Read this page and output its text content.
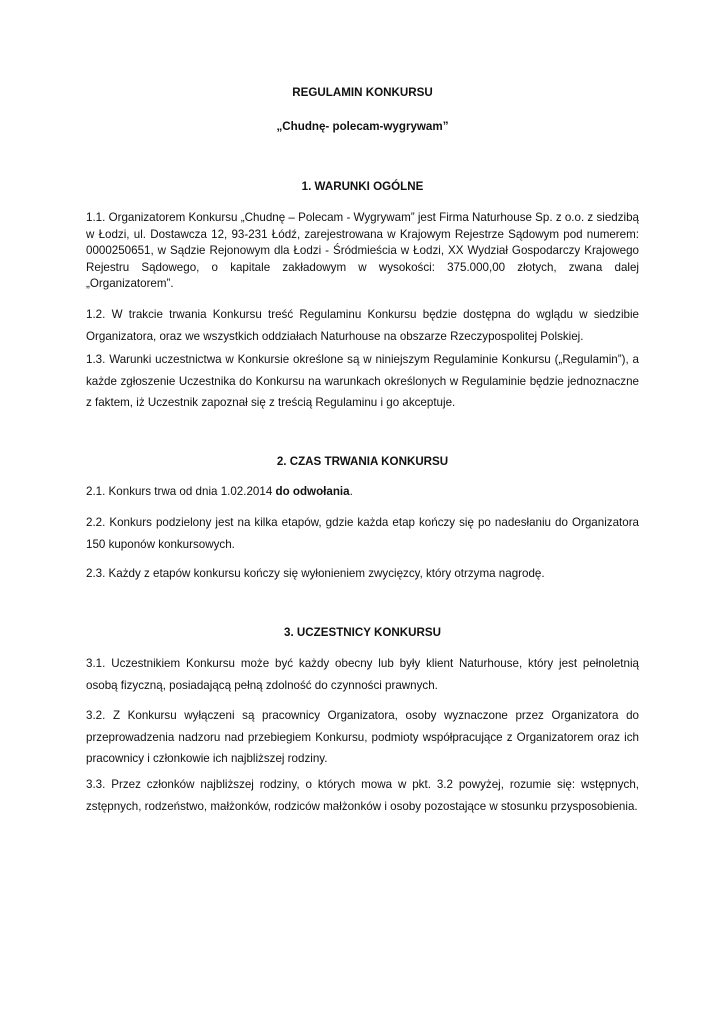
REGULAMIN KONKURSU
„Chudnę- polecam-wygrywam”
1. WARUNKI OGÓLNE

1.1. Organizatorem Konkursu „Chudnę – Polecam - Wygrywam” jest Firma Naturhouse Sp. z o.o. z siedzibą w Łodzi, ul. Dostawcza 12, 93-231 Łódź, zarejestrowana w Krajowym Rejestrze Sądowym pod numerem: 0000250651, w Sądzie Rejonowym dla Łodzi - Śródmieścia w Łodzi, XX Wydział Gospodarczy Krajowego Rejestru Sądowego, o kapitale zakładowym w wysokości: 375.000,00 złotych, zwana dalej „Organizatorem”.

1.2. W trakcie trwania Konkursu treść Regulaminu Konkursu będzie dostępna do wglądu w siedzibie Organizatora, oraz we wszystkich oddziałach Naturhouse na obszarze Rzeczypospolitej Polskiej.

1.3. Warunki uczestnictwa w Konkursie określone są w niniejszym Regulaminie Konkursu („Regulamin”), a każde zgłoszenie Uczestnika do Konkursu na warunkach określonych w Regulaminie będzie jednoznaczne z faktem, iż Uczestnik zapoznał się z treścią Regulaminu i go akceptuje.

2. CZAS TRWANIA KONKURSU

2.1. Konkurs trwa od dnia 1.02.2014 do odwołania.

2.2. Konkurs podzielony jest na kilka etapów, gdzie każda etap kończy się po nadesłaniu do Organizatora 150 kuponów konkursowych.

2.3. Każdy z etapów konkursu kończy się wyłonieniem zwycięzcy, który otrzyma nagrodę.

3. UCZESTNICY KONKURSU

3.1. Uczestnikiem Konkursu może być każdy obecny lub były klient Naturhouse, który jest pełnoletnią osobą fizyczną, posiadającą pełną zdolność do czynności prawnych.

3.2. Z Konkursu wyłączeni są pracownicy Organizatora, osoby wyznaczone przez Organizatora do przeprowadzenia nadzoru nad przebiegiem Konkursu, podmioty współpracujące z Organizatorem oraz ich pracownicy i członkowie ich najbliższej rodziny.

3.3. Przez członków najbliższej rodziny, o których mowa w pkt. 3.2 powyżej, rozumie się: wstępnych, zstępnych, rodzeństwo, małżonków, rodziców małżonków i osoby pozostające w stosunku przysposobienia.
